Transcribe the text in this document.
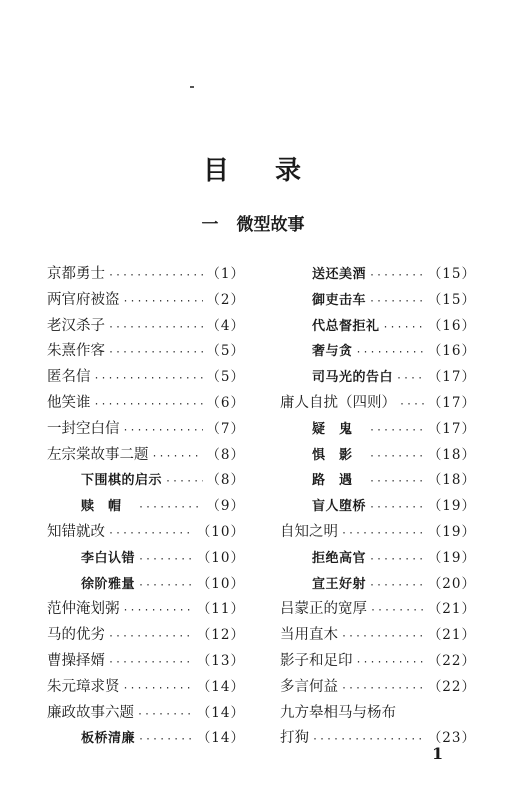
目 录
一 微型故事
京都勇士 ·····	（1）
两官府被盗 ·····	（2）
老汉杀子 ·····	（4）
朱熹作客 ·····	（5）
匿名信 ·····	（5）
他笑谁 ·····	（6）
一封空白信 ·····	（7）
左宗棠故事二题 ·····	（8）
下围棋的启示 ·····	（8）
赎帽 ·····	（9）
知错就改 ·····	（10）
李白认错 ·····	（10）
徐阶雅量 ·····	（10）
范仲淹划粥 ·····	（11）
马的优劣 ·····	（12）
曹操择婿 ·····	（13）
朱元璋求贤 ·····	（14）
廉政故事六题 ·····	（14）
板桥清廉 ·····	（14）
送还美酒 ·····	（15）
御吏击车 ·····	（15）
代总督拒礼 ·····	（16）
奢与贪 ·····	（16）
司马光的告白 ·····	（17）
庸人自扰（四则） ····· （17）
疑鬼 ·····	（17）
惧影 ·····	（18）
路遇 ·····	（18）
盲人堕桥 ·····	（19）
自知之明 ·····	（19）
拒绝高官 ·····	（19）
宣王好射 ·····	（20）
吕蒙正的宽厚 ·····	（21）
当用直木 ·····	（21）
影子和足印 ·····	（22）
多言何益 ·····	（22）
九方皋相马与杨布
打狗 ·····	（23）
1
